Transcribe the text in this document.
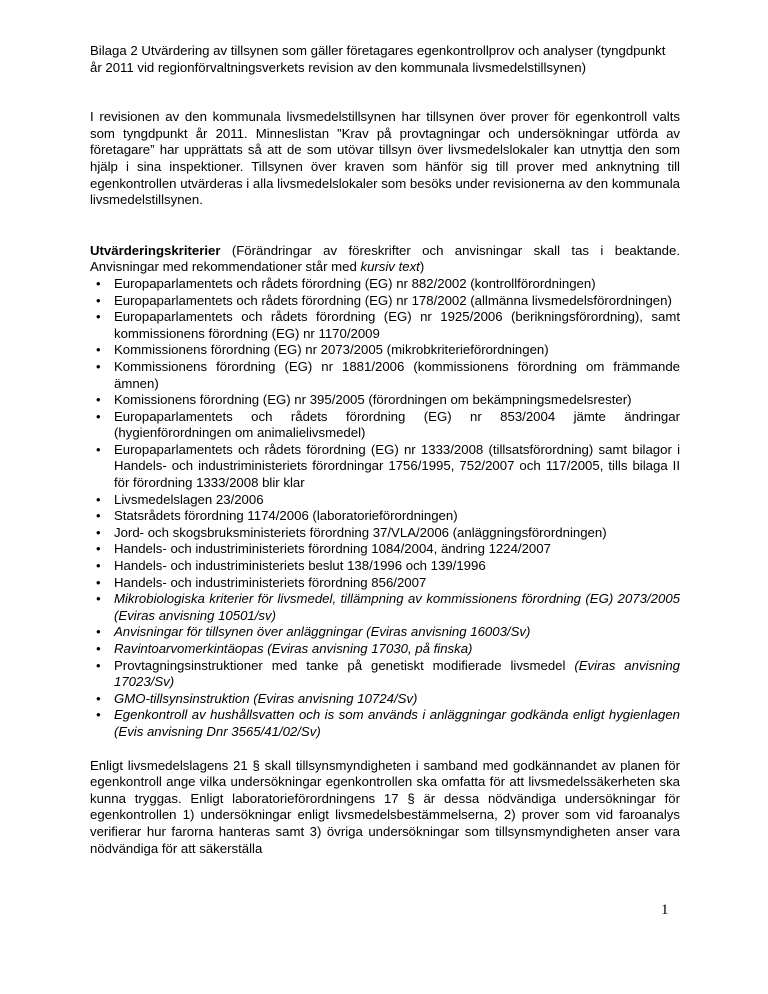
Bilaga 2 Utvärdering av tillsynen som gäller företagares egenkontrollprov och analyser (tyngdpunkt år 2011 vid regionförvaltningsverkets revision av den kommunala livsmedelstillsynen)

I revisionen av den kommunala livsmedelstillsynen har tillsynen över prover för egenkontroll valts som tyngdpunkt år 2011. Minneslistan ”Krav på provtagningar och undersökningar utförda av företagare” har upprättats så att de som utövar tillsyn över livsmedelslokaler kan utnyttja den som hjälp i sina inspektioner. Tillsynen över kraven som hänför sig till prover med anknytning till egenkontrollen utvärderas i alla livsmedelslokaler som besöks under revisionerna av den kommunala livsmedelstillsynen.

Utvärderingskriterier (Förändringar av föreskrifter och anvisningar skall tas i beaktande. Anvisningar med rekommendationer står med kursiv text)
• Europaparlamentets och rådets förordning (EG) nr 882/2002 (kontrollförordningen)
• Europaparlamentets och rådets förordning (EG) nr 178/2002 (allmänna livsmedelsförordningen)
• Europaparlamentets och rådets förordning (EG) nr 1925/2006 (berikningsförordning), samt kommissionens förordning (EG) nr 1170/2009
• Kommissionens förordning (EG) nr 2073/2005 (mikrobkriterieförordningen)
• Kommissionens förordning (EG) nr 1881/2006 (kommissionens förordning om främmande ämnen)
• Komissionens förordning (EG) nr 395/2005 (förordningen om bekämpningsmedelsrester)
• Europaparlamentets och rådets förordning (EG) nr 853/2004 jämte ändringar (hygienförordningen om animalielivsmedel)
• Europaparlamentets och rådets förordning (EG) nr 1333/2008 (tillsatsförordning) samt bilagor i Handels- och industriministeriets förordningar 1756/1995, 752/2007 och 117/2005, tills bilaga II för förordning 1333/2008 blir klar
• Livsmedelslagen 23/2006
• Statsrådets förordning 1174/2006 (laboratorieförordningen)
• Jord- och skogsbruksministeriets förordning 37/VLA/2006 (anläggningsförordningen)
• Handels- och industriministeriets förordning 1084/2004, ändring 1224/2007
• Handels- och industriministeriets beslut 138/1996 och 139/1996
• Handels- och industriministeriets förordning 856/2007
• Mikrobiologiska kriterier för livsmedel, tillämpning av kommissionens förordning (EG) 2073/2005 (Eviras anvisning 10501/sv)
• Anvisningar för tillsynen över anläggningar (Eviras anvisning 16003/Sv)
• Ravintoarvomerkintäopas (Eviras anvisning 17030, på finska)
• Provtagningsinstruktioner med tanke på genetiskt modifierade livsmedel (Eviras anvisning 17023/Sv)
• GMO-tillsynsinstruktion (Eviras anvisning 10724/Sv)
• Egenkontroll av hushållsvatten och is som används i anläggningar godkända enligt hygienlagen (Evis anvisning Dnr 3565/41/02/Sv)

Enligt livsmedelslagens 21 § skall tillsynsmyndigheten i samband med godkännandet av planen för egenkontroll ange vilka undersökningar egenkontrollen ska omfatta för att livsmedelssäkerheten ska kunna tryggas. Enligt laboratorieförordningens 17 § är dessa nödvändiga undersökningar för egenkontrollen 1) undersökningar enligt livsmedelsbestämmelserna, 2) prover som vid faroanalys verifierar hur farorna hanteras samt 3) övriga undersökningar som tillsynsmyndigheten anser vara nödvändiga för att säkerställa

1
